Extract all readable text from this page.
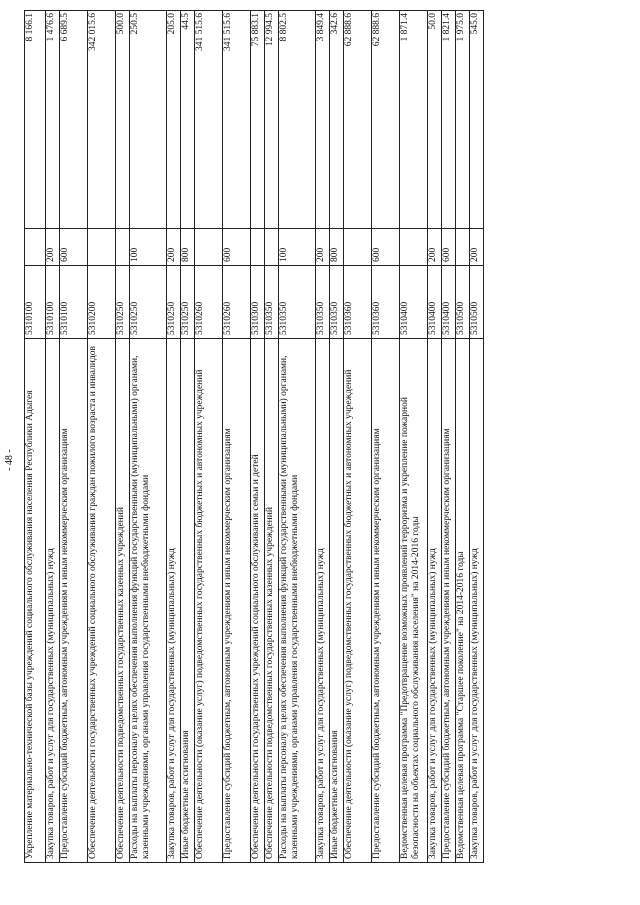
- 48 - Укрепление материально-технической базы учреждений социального обслуживания населения Республики Адыгея	5310100		8 166.1
Закупка товаров, работ и услуг для государственных (муниципальных) нужд	5310100	200	1 476.6
Предоставление субсидий бюджетным, автономным учреждениям и иным некоммерческим организациям	5310100	600	6 689.5
Обеспечение деятельности государственных учреждений социального обслуживания граждан пожилого возраста и инвалидов	5310200		342 015.6
Обеспечение деятельности подведомственных государственных казенных учреждений	5310250		500.0
Расходы на выплаты персоналу в целях обеспечения выполнения функций государственными (муниципальными) органами, казенными учреждениями, органами управления государственными внебюджетными фондами	5310250	100	250.5
Закупка товаров, работ и услуг для государственных (муниципальных) нужд	5310250	200	205.0
Иные бюджетные ассигнования	5310250	800	44.5
Обеспечение деятельности (оказание услуг) подведомственных государственных бюджетных и автономных учреждений	5310260		341 515.6
Предоставление субсидий бюджетным, автономным учреждениям и иным некоммерческим организациям	5310260	600	341 515.6
Обеспечение деятельности государственных учреждений социального обслуживания семьи и детей	5310300		75 883.1
Обеспечение деятельности подведомственных государственных казенных учреждений	5310350		12 994.5
Расходы на выплаты персоналу в целях обеспечения выполнения функций государственными (муниципальными) органами, казенными учреждениями, органами управления государственными внебюджетными фондами	5310350	100	8 802.5
Закупка товаров, работ и услуг для государственных (муниципальных) нужд	5310350	200	3 849.4
Иные бюджетные ассигнования	5310350	800	342.6
Обеспечение деятельности (оказание услуг) подведомственных государственных бюджетных и автономных учреждений	5310360		62 888.6
Предоставление субсидий бюджетным, автономным учреждениям и иным некоммерческим организациям	5310360	600	62 888.6
Ведомственная целевая программа "Предотвращение возможных проявлений терроризма и укрепление пожарной безопасности на объектах социального обслуживания населения" на 2014-2016 годы	5310400		1 871.4
Закупка товаров, работ и услуг для государственных (муниципальных) нужд	5310400	200	50.0
Предоставление субсидий бюджетным, автономным учреждениям и иным некоммерческим организациям	5310400	600	1 821.4
Ведомственная целевая программа "Старшее поколение" на 2014-2016 годы	5310500		1 975.0
Закупка товаров, работ и услуг для государственных (муниципальных) нужд	5310500	200	545.0
